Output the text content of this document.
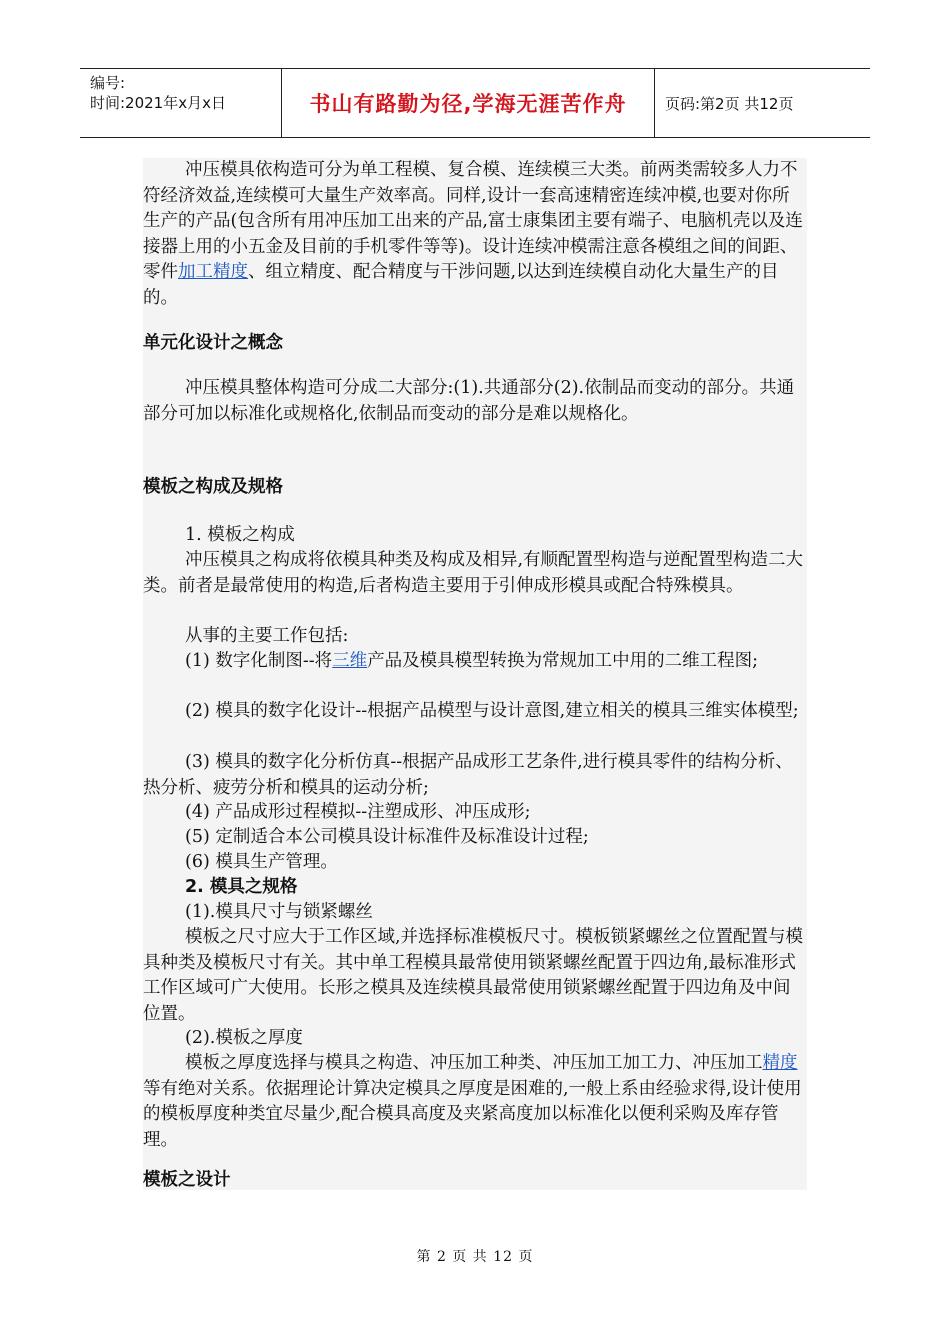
编号:
时间:2021年x月x日	书山有路勤为径,学海无涯苦作舟	页码:第2页 共12页

冲压模具依构造可分为单工程模、复合模、连续模三大类。前两类需较多人力不符经济效益,连续模可大量生产效率高。同样,设计一套高速精密连续冲模,也要对你所生产的产品(包含所有用冲压加工出来的产品,富士康集团主要有端子、电脑机壳以及连接器上用的小五金及目前的手机零件等等)。设计连续冲模需注意各模组之间的间距、零件加工精度、组立精度、配合精度与干涉问题,以达到连续模自动化大量生产的目的。

单元化设计之概念

冲压模具整体构造可分成二大部分:(1).共通部分(2).依制品而变动的部分。共通部分可加以标准化或规格化,依制品而变动的部分是难以规格化。

模板之构成及规格
1. 模板之构成

冲压模具之构成将依模具种类及构成及相异,有顺配置型构造与逆配置型构造二大类。前者是最常使用的构造,后者构造主要用于引伸成形模具或配合特殊模具。

从事的主要工作包括:

(1) 数字化制图--将三维产品及模具模型转换为常规加工中用的二维工程图;

(2) 模具的数字化设计--根据产品模型与设计意图,建立相关的模具三维实体模型;

(3) 模具的数字化分析仿真--根据产品成形工艺条件,进行模具零件的结构分析、热分析、疲劳分析和模具的运动分析;

(4) 产品成形过程模拟--注塑成形、冲压成形;

(5) 定制适合本公司模具设计标准件及标准设计过程;

(6) 模具生产管理。

2. 模具之规格
(1).模具尺寸与锁紧螺丝

模板之尺寸应大于工作区域,并选择标准模板尺寸。模板锁紧螺丝之位置配置与模具种类及模板尺寸有关。其中单工程模具最常使用锁紧螺丝配置于四边角,最标准形式工作区域可广大使用。长形之模具及连续模具最常使用锁紧螺丝配置于四边角及中间位置。

(2).模板之厚度

模板之厚度选择与模具之构造、冲压加工种类、冲压加工加工力、冲压加工精度等有绝对关系。依据理论计算决定模具之厚度是困难的,一般上系由经验求得,设计使用的模板厚度种类宜尽量少,配合模具高度及夹紧高度加以标准化以便利采购及库存管理。

模板之设计
第 2 页 共 12 页
